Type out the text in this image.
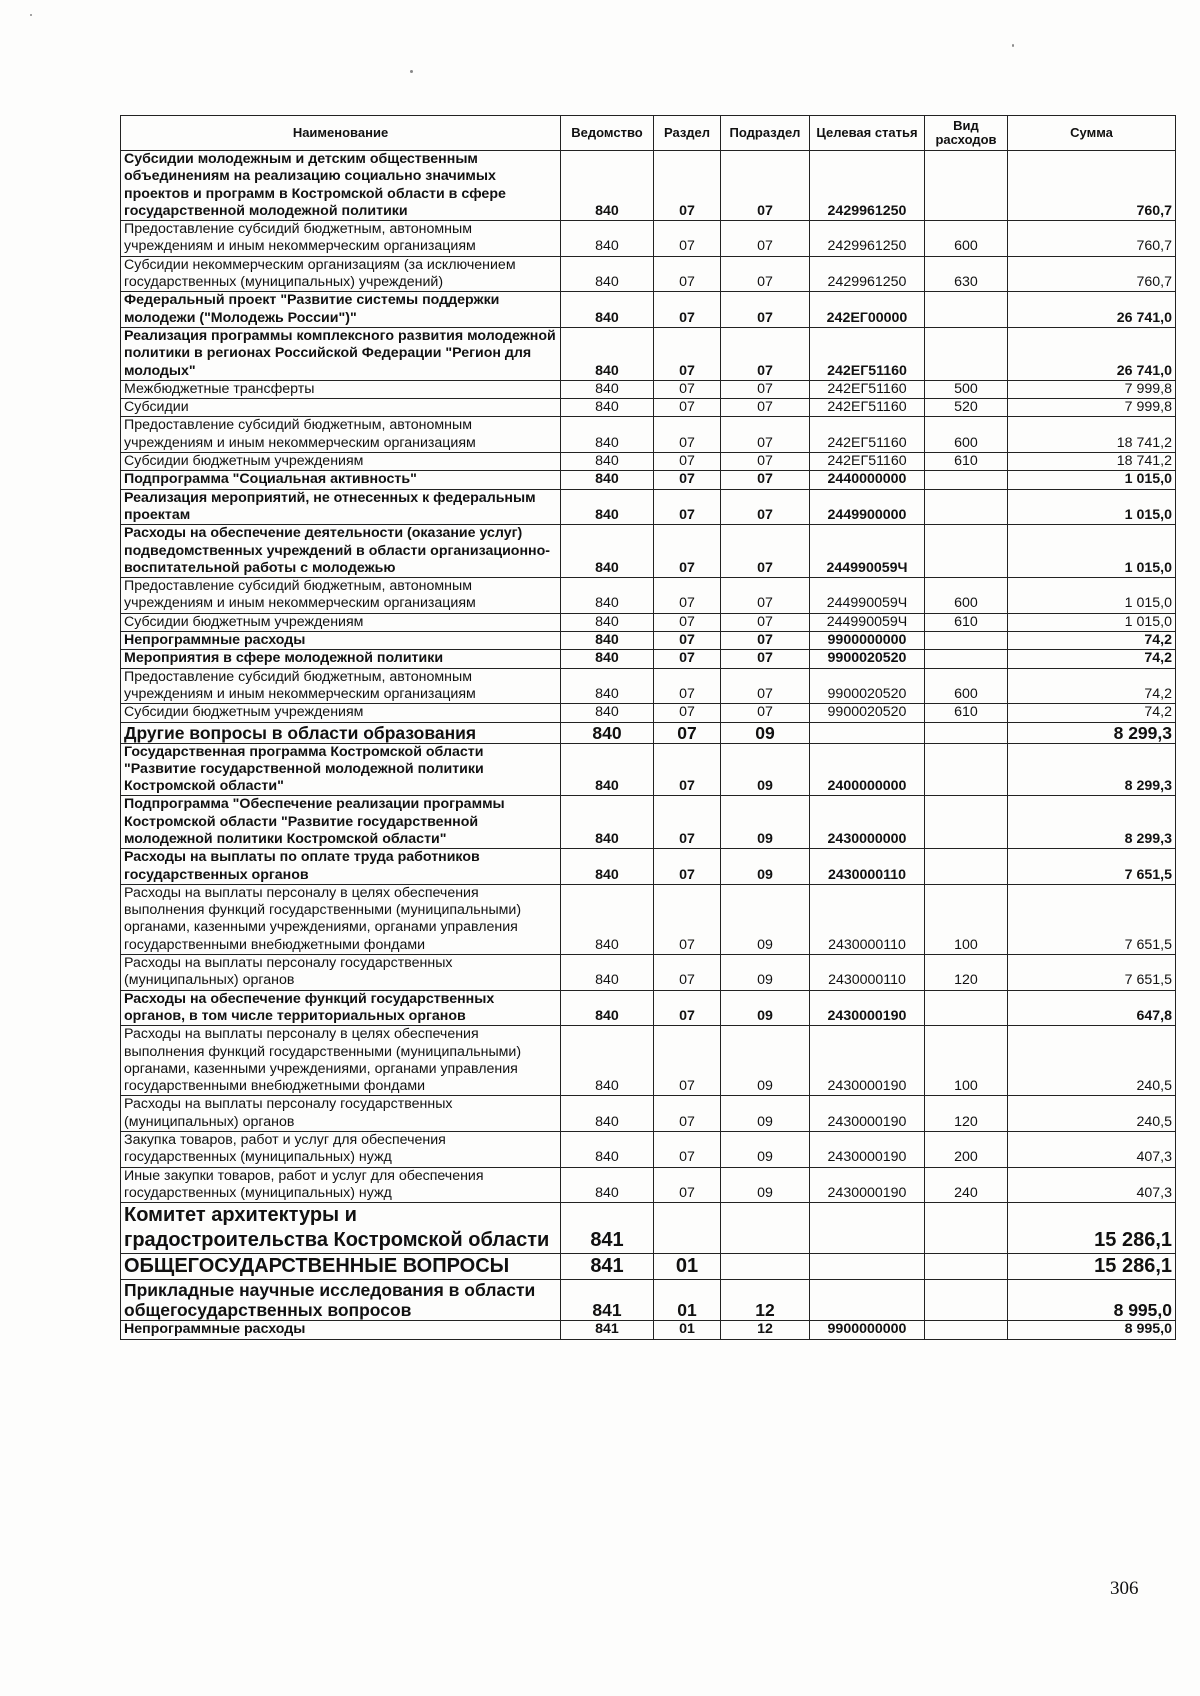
Наименование	Ведомство	Раздел	Подраздел	Целевая статья	Вид расходов	Сумма
Субсидии молодежным и детским общественным объединениям на реализацию социально значимых проектов и программ в Костромской области в сфере государственной молодежной политики	840	07	07	2429961250		760,7
Предоставление субсидий бюджетным, автономным учреждениям и иным некоммерческим организациям	840	07	07	2429961250	600	760,7
Субсидии некоммерческим организациям (за исключением государственных (муниципальных) учреждений)	840	07	07	2429961250	630	760,7
Федеральный проект "Развитие системы поддержки молодежи ("Молодежь России")"	840	07	07	242ЕГ00000		26 741,0
Реализация программы комплексного развития молодежной политики в регионах Российской Федерации "Регион для молодых"	840	07	07	242ЕГ51160		26 741,0
Межбюджетные трансферты	840	07	07	242ЕГ51160	500	7 999,8
Субсидии	840	07	07	242ЕГ51160	520	7 999,8
Предоставление субсидий бюджетным, автономным учреждениям и иным некоммерческим организациям	840	07	07	242ЕГ51160	600	18 741,2
Субсидии бюджетным учреждениям	840	07	07	242ЕГ51160	610	18 741,2
Подпрограмма "Социальная активность"	840	07	07	2440000000		1 015,0
Реализация мероприятий, не отнесенных к федеральным проектам	840	07	07	2449900000		1 015,0
Расходы на обеспечение деятельности (оказание услуг) подведомственных учреждений в области организационно-воспитательной работы с молодежью	840	07	07	244990059Ч		1 015,0
Предоставление субсидий бюджетным, автономным учреждениям и иным некоммерческим организациям	840	07	07	244990059Ч	600	1 015,0
Субсидии бюджетным учреждениям	840	07	07	244990059Ч	610	1 015,0
Непрограммные расходы	840	07	07	9900000000		74,2
Мероприятия в сфере молодежной политики	840	07	07	9900020520		74,2
Предоставление субсидий бюджетным, автономным учреждениям и иным некоммерческим организациям	840	07	07	9900020520	600	74,2
Субсидии бюджетным учреждениям	840	07	07	9900020520	610	74,2
Другие вопросы в области образования	840	07	09			8 299,3
Государственная программа Костромской области "Развитие государственной молодежной политики Костромской области"	840	07	09	2400000000		8 299,3
Подпрограмма "Обеспечение реализации программы Костромской области "Развитие государственной молодежной политики Костромской области"	840	07	09	2430000000		8 299,3
Расходы на выплаты по оплате труда работников государственных органов	840	07	09	2430000110		7 651,5
Расходы на выплаты персоналу в целях обеспечения выполнения функций государственными (муниципальными) органами, казенными учреждениями, органами управления государственными внебюджетными фондами	840	07	09	2430000110	100	7 651,5
Расходы на выплаты персоналу государственных (муниципальных) органов	840	07	09	2430000110	120	7 651,5
Расходы на обеспечение функций государственных органов, в том числе территориальных органов	840	07	09	2430000190		647,8
Расходы на выплаты персоналу в целях обеспечения выполнения функций государственными (муниципальными) органами, казенными учреждениями, органами управления государственными внебюджетными фондами	840	07	09	2430000190	100	240,5
Расходы на выплаты персоналу государственных (муниципальных) органов	840	07	09	2430000190	120	240,5
Закупка товаров, работ и услуг для обеспечения государственных (муниципальных) нужд	840	07	09	2430000190	200	407,3
Иные закупки товаров, работ и услуг для обеспечения государственных (муниципальных) нужд	840	07	09	2430000190	240	407,3
Комитет архитектуры и градостроительства Костромской области	841					15 286,1
ОБЩЕГОСУДАРСТВЕННЫЕ ВОПРОСЫ	841	01				15 286,1
Прикладные научные исследования в области общегосударственных вопросов	841	01	12			8 995,0
Непрограммные расходы	841	01	12	9900000000		8 995,0
306
